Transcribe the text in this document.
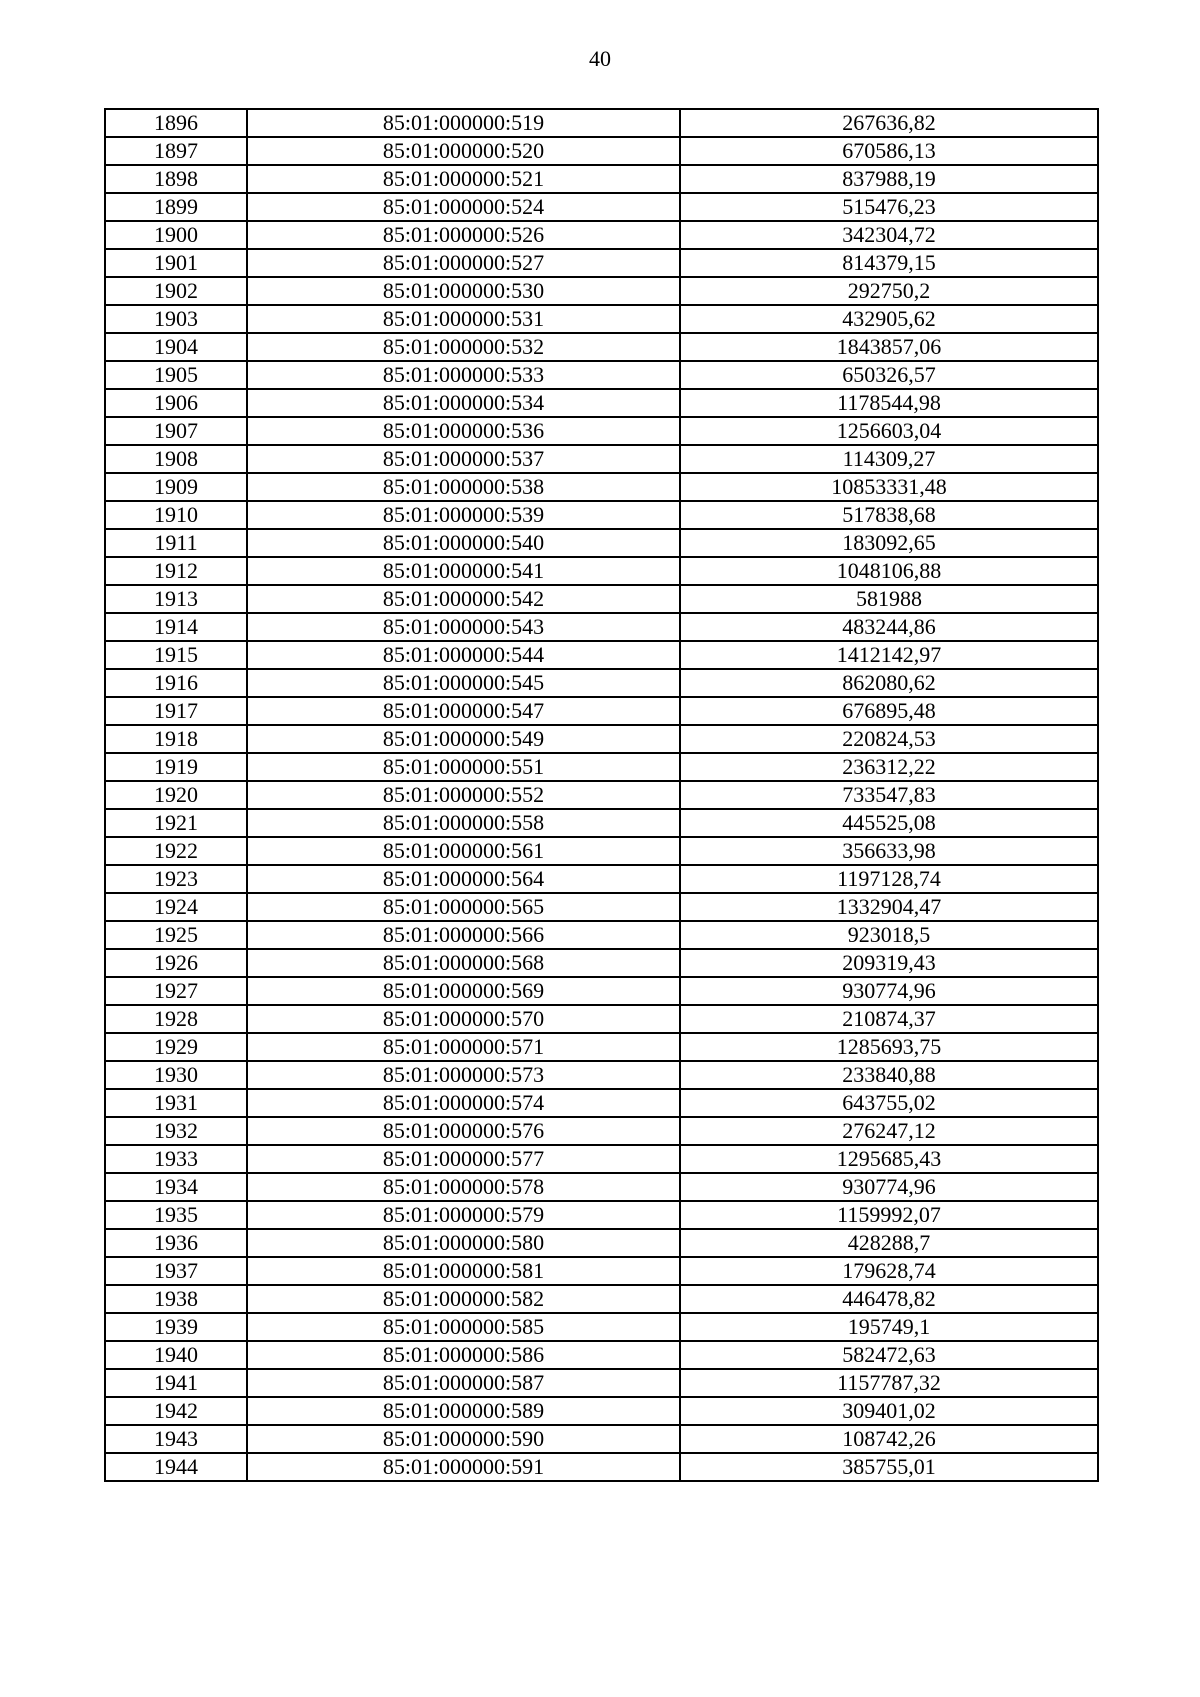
40
1896	85:01:000000:519	267636,82
1897	85:01:000000:520	670586,13
1898	85:01:000000:521	837988,19
1899	85:01:000000:524	515476,23
1900	85:01:000000:526	342304,72
1901	85:01:000000:527	814379,15
1902	85:01:000000:530	292750,2
1903	85:01:000000:531	432905,62
1904	85:01:000000:532	1843857,06
1905	85:01:000000:533	650326,57
1906	85:01:000000:534	1178544,98
1907	85:01:000000:536	1256603,04
1908	85:01:000000:537	114309,27
1909	85:01:000000:538	10853331,48
1910	85:01:000000:539	517838,68
1911	85:01:000000:540	183092,65
1912	85:01:000000:541	1048106,88
1913	85:01:000000:542	581988
1914	85:01:000000:543	483244,86
1915	85:01:000000:544	1412142,97
1916	85:01:000000:545	862080,62
1917	85:01:000000:547	676895,48
1918	85:01:000000:549	220824,53
1919	85:01:000000:551	236312,22
1920	85:01:000000:552	733547,83
1921	85:01:000000:558	445525,08
1922	85:01:000000:561	356633,98
1923	85:01:000000:564	1197128,74
1924	85:01:000000:565	1332904,47
1925	85:01:000000:566	923018,5
1926	85:01:000000:568	209319,43
1927	85:01:000000:569	930774,96
1928	85:01:000000:570	210874,37
1929	85:01:000000:571	1285693,75
1930	85:01:000000:573	233840,88
1931	85:01:000000:574	643755,02
1932	85:01:000000:576	276247,12
1933	85:01:000000:577	1295685,43
1934	85:01:000000:578	930774,96
1935	85:01:000000:579	1159992,07
1936	85:01:000000:580	428288,7
1937	85:01:000000:581	179628,74
1938	85:01:000000:582	446478,82
1939	85:01:000000:585	195749,1
1940	85:01:000000:586	582472,63
1941	85:01:000000:587	1157787,32
1942	85:01:000000:589	309401,02
1943	85:01:000000:590	108742,26
1944	85:01:000000:591	385755,01
